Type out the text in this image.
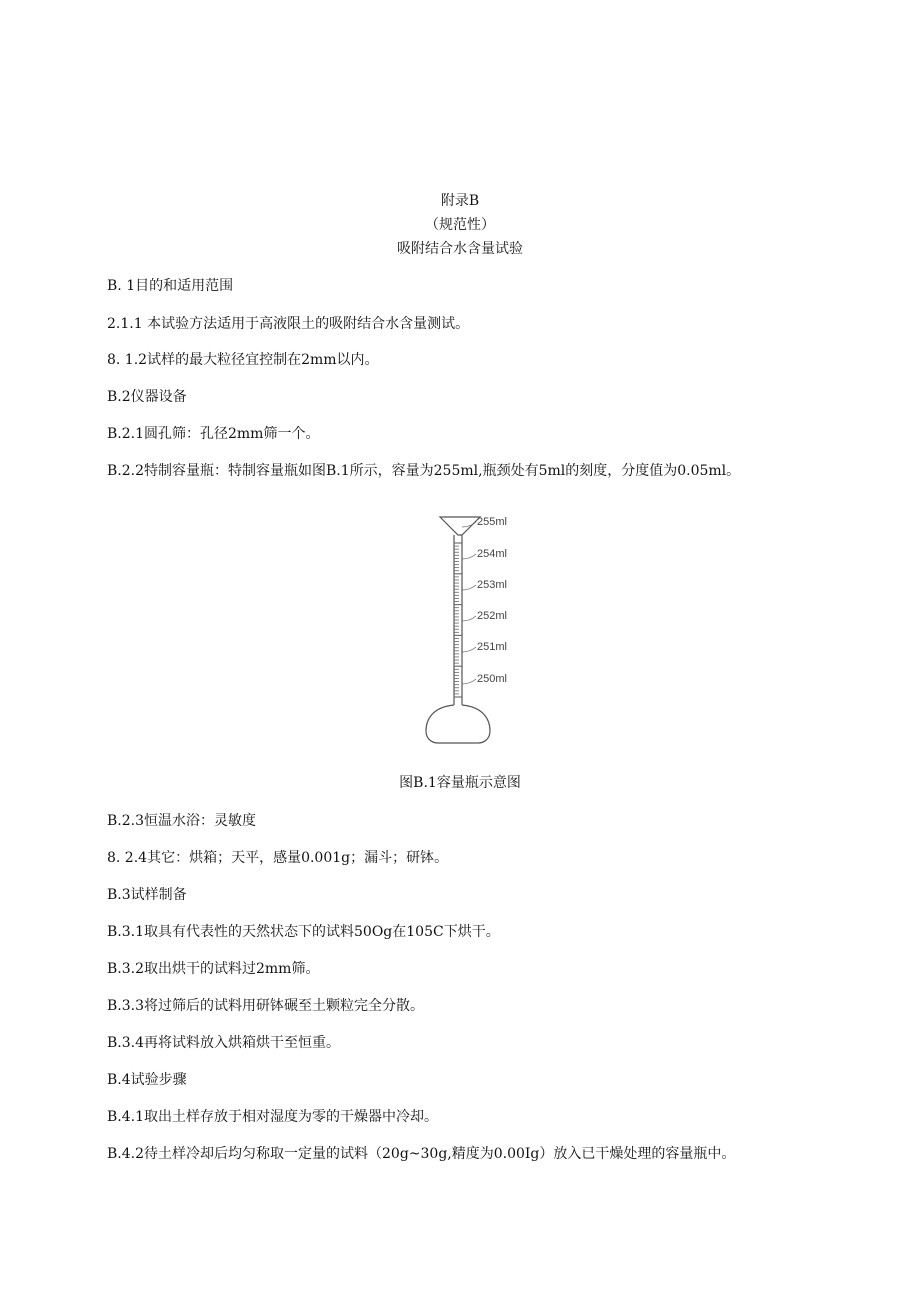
附录B
（规范性）
吸附结合水含量试验
B. 1目的和适用范围
2.1.1 本试验方法适用于高液限土的吸附结合水含量测试。
8. 1.2试样的最大粒径宜控制在2mm以内。
B.2仪器设备
B.2.1圆孔筛：孔径2mm筛一个。
B.2.2特制容量瓶：特制容量瓶如图B.1所示，容量为255ml,瓶颈处有5ml的刻度，分度值为0.05ml。
255ml
254ml
253ml
252ml
251ml
250ml
图B.1容量瓶示意图
B.2.3恒温水浴：灵敏度
8. 2.4其它：烘箱；天平，感量0.001g；漏斗；研钵。
B.3试样制备
B.3.1取具有代表性的天然状态下的试料50Og在105C下烘干。
B.3.2取出烘干的试料过2mm筛。
B.3.3将过筛后的试料用研钵碾至土颗粒完全分散。
B.3.4再将试料放入烘箱烘干至恒重。
B.4试验步骤
B.4.1取出土样存放于相对湿度为零的干燥器中冷却。
B.4.2待土样冷却后均匀称取一定量的试料（20g~30g,精度为0.00Ig）放入已干燥处理的容量瓶中。
